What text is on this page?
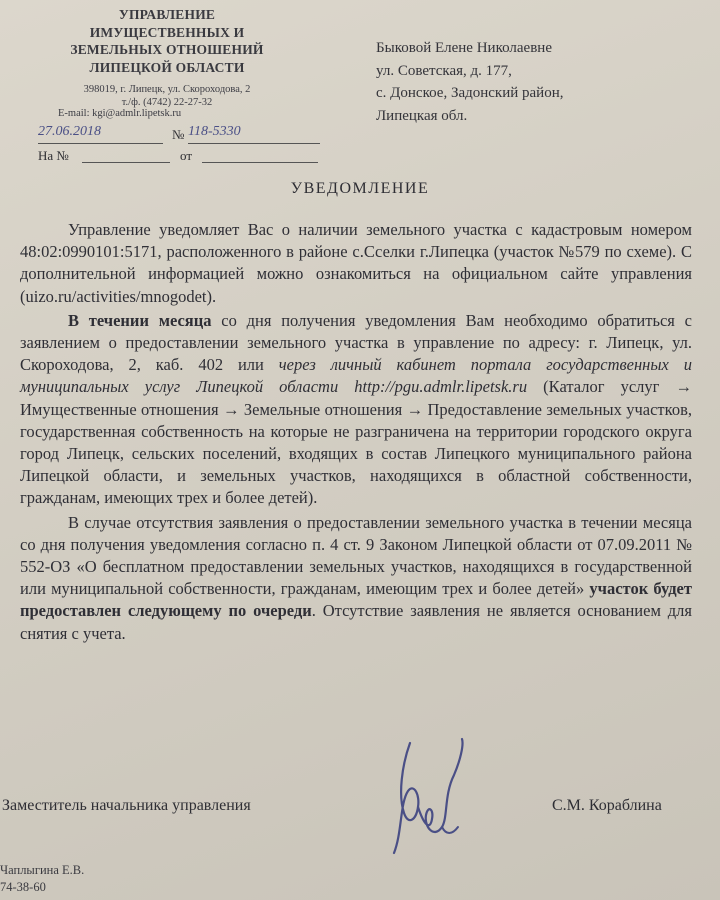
УПРАВЛЕНИЕ
ИМУЩЕСТВЕННЫХ И
ЗЕМЕЛЬНЫХ ОТНОШЕНИЙ
ЛИПЕЦКОЙ ОБЛАСТИ
398019, г. Липецк, ул. Скороходова, 2
т./ф. (4742) 22-27-32
E-mail: kgi@admlr.lipetsk.ru
27.06.2018	№ 118-5330
На №	от
Быковой Елене Николаевне
ул. Советская, д. 177,
с. Донское, Задонский район,
Липецкая обл.
УВЕДОМЛЕНИЕ

Управление уведомляет Вас о наличии земельного участка с кадастровым номером 48:02:0990101:5171, расположенного в районе с.Сселки г.Липецка (участок №579 по схеме). С дополнительной информацией можно ознакомиться на официальном сайте управления (uizo.ru/activities/mnogodet).

В течении месяца со дня получения уведомления Вам необходимо обратиться с заявлением о предоставлении земельного участка в управление по адресу: г. Липецк, ул. Скороходова, 2, каб. 402 или через личный кабинет портала государственных и муниципальных услуг Липецкой области http://pgu.admlr.lipetsk.ru (Каталог услуг → Имущественные отношения → Земельные отношения → Предоставление земельных участков, государственная собственность на которые не разграничена на территории городского округа город Липецк, сельских поселений, входящих в состав Липецкого муниципального района Липецкой области, и земельных участков, находящихся в областной собственности, гражданам, имеющих трех и более детей).

В случае отсутствия заявления о предоставлении земельного участка в течении месяца со дня получения уведомления согласно п. 4 ст. 9 Законом Липецкой области от 07.09.2011 № 552-ОЗ «О бесплатном предоставлении земельных участков, находящихся в государственной или муниципальной собственности, гражданам, имеющим трех и более детей» участок будет предоставлен следующему по очереди. Отсутствие заявления не является основанием для снятия с учета.

Заместитель начальника управления	С.М. Кораблина
Чаплыгина Е.В.
74-38-60
